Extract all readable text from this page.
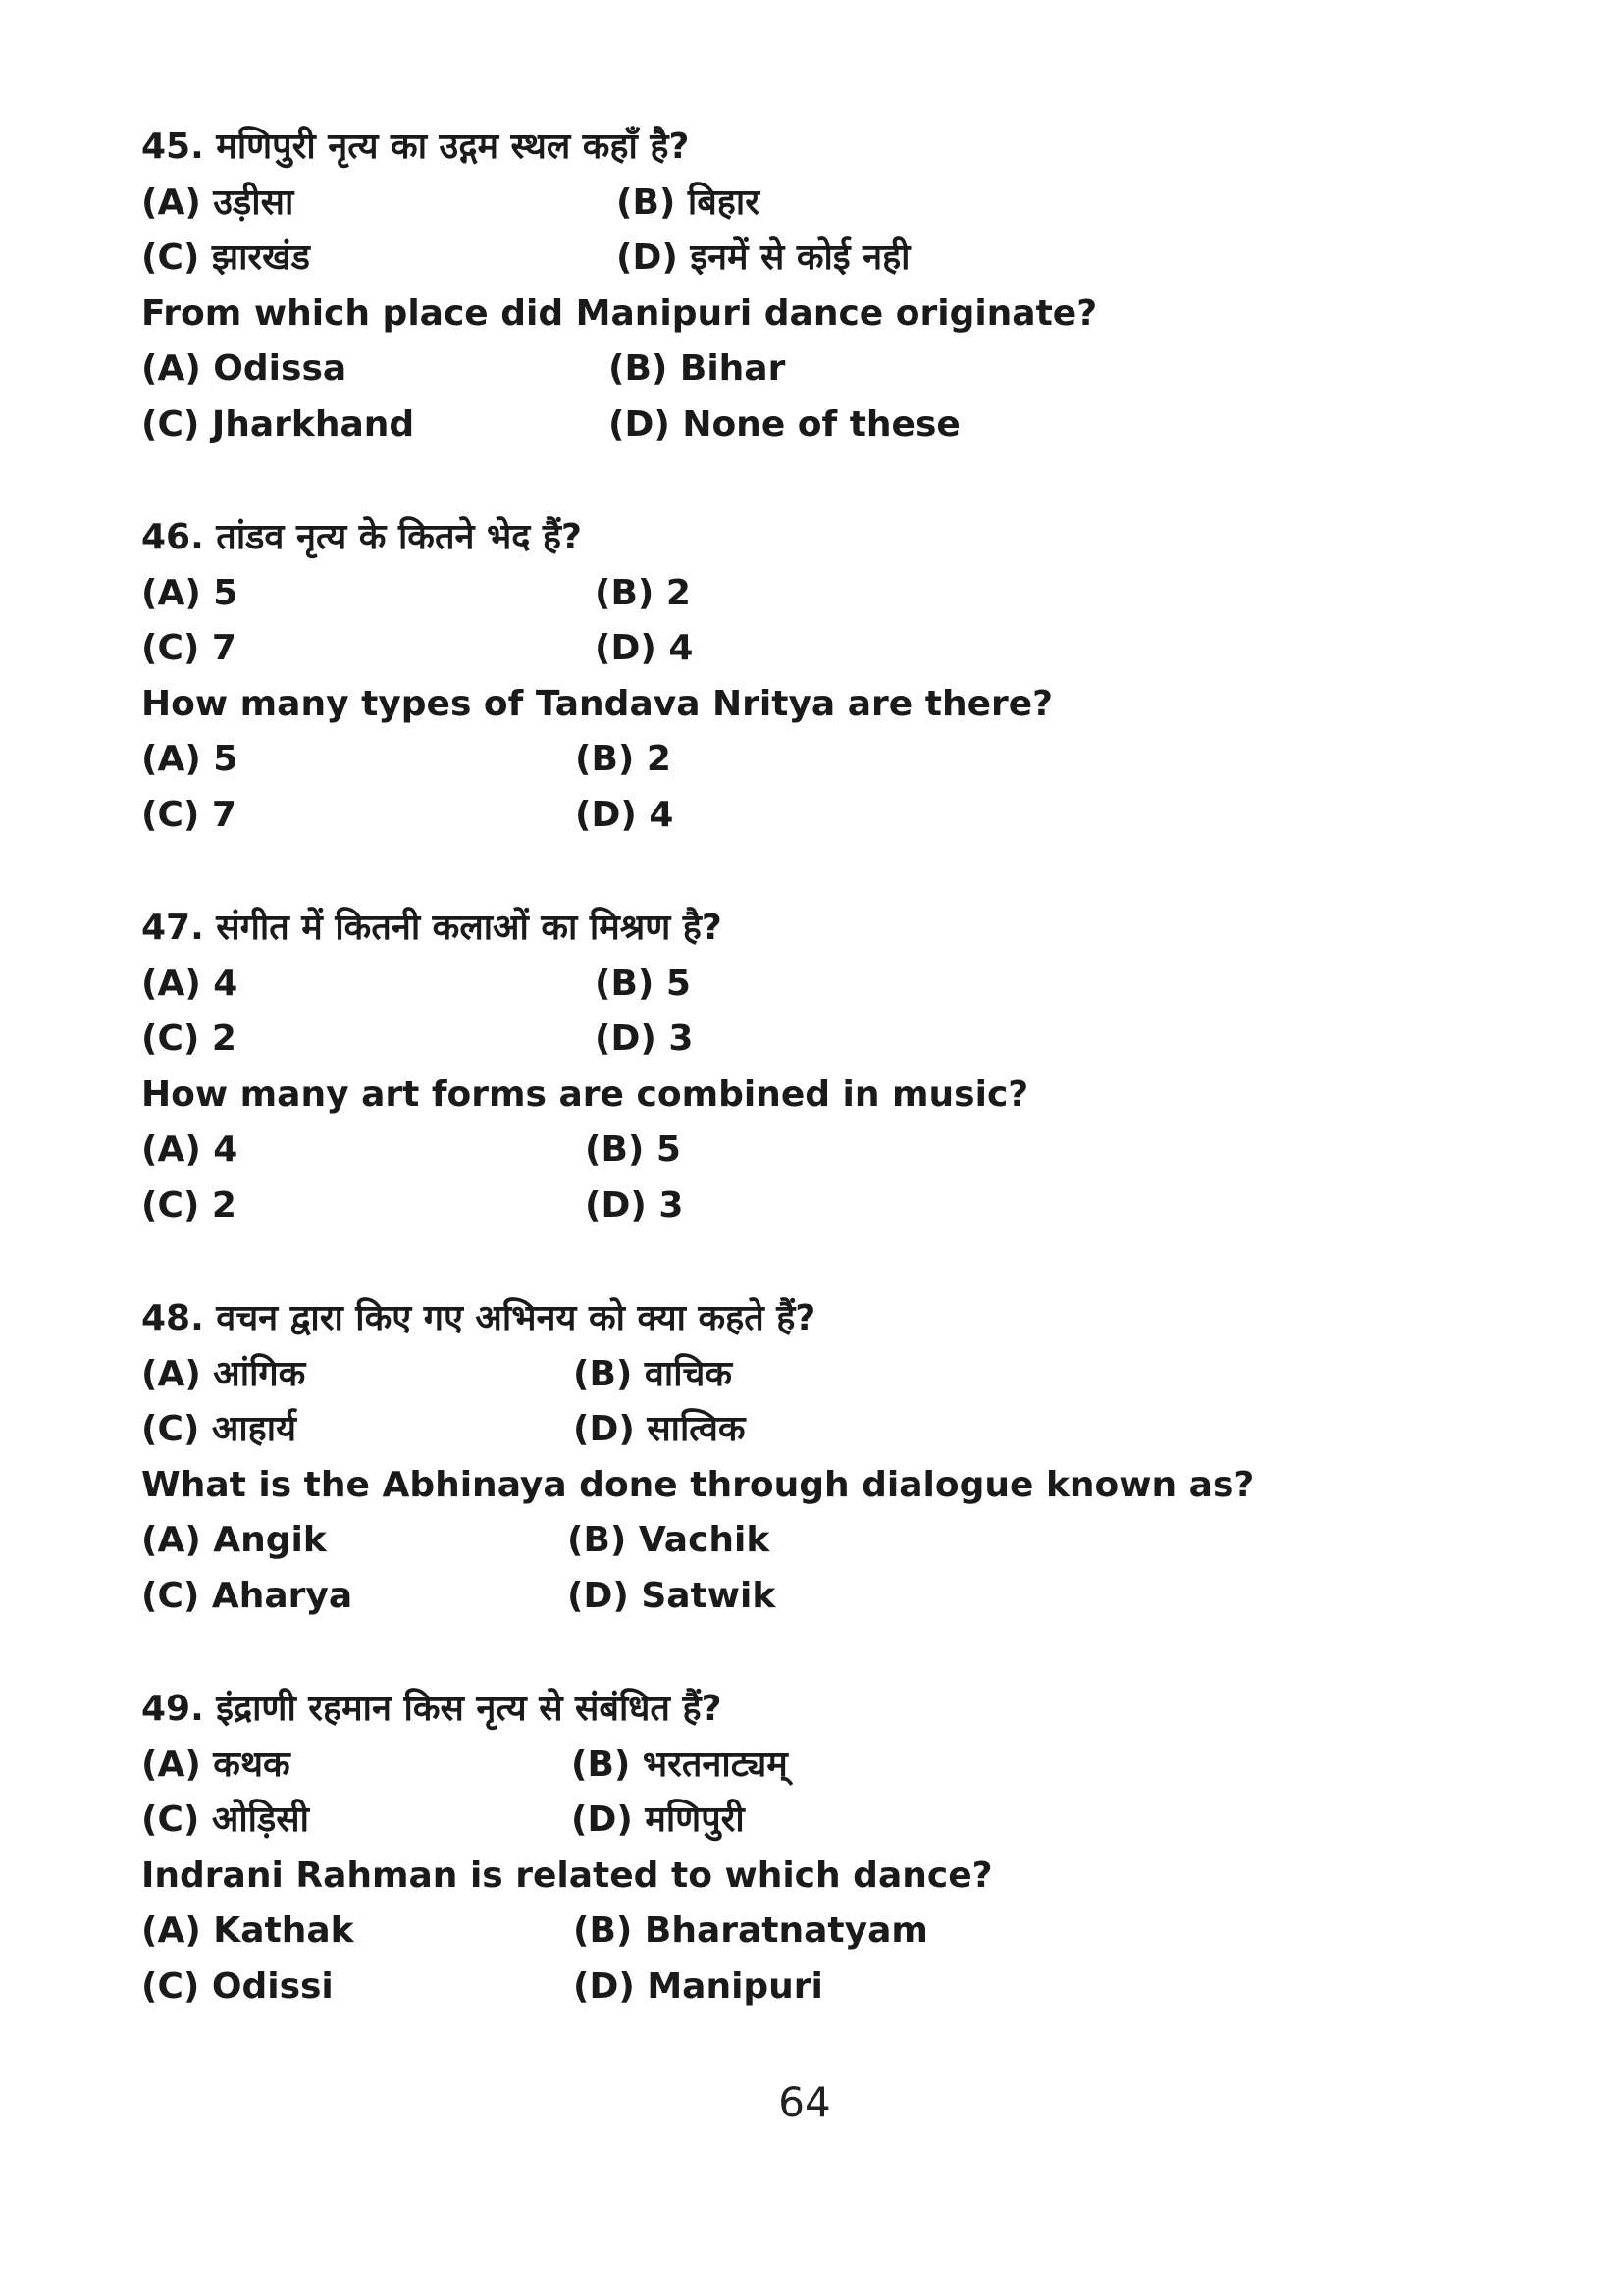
45. मणिपुरी नृत्य का उद्गम स्थल कहाँ है?
(A) उड़ीसा	(B) बिहार
(C) झारखंड	(D) इनमें से कोई नही
From which place did Manipuri dance originate?
(A) Odissa	(B) Bihar
(C) Jharkhand	(D) None of these
46. तांडव नृत्य के कितने भेद हैं?
(A) 5	(B) 2
(C) 7	(D) 4
How many types of Tandava Nritya are there?
(A) 5	(B) 2
(C) 7	(D) 4
47. संगीत में कितनी कलाओं का मिश्रण है?
(A) 4	(B) 5
(C) 2	(D) 3
How many art forms are combined in music?
(A) 4	(B) 5
(C) 2	(D) 3
48. वचन द्वारा किए गए अभिनय को क्या कहते हैं?
(A) आंगिक	(B) वाचिक
(C) आहार्य	(D) सात्विक
What is the Abhinaya done through dialogue known as?
(A) Angik	(B) Vachik
(C) Aharya	(D) Satwik
49. इंद्राणी रहमान किस नृत्य से संबंधित हैं?
(A) कथक	(B) भरतनाट्यम्
(C) ओड़िसी	(D) मणिपुरी
Indrani Rahman is related to which dance?
(A) Kathak	(B) Bharatnatyam
(C) Odissi	(D) Manipuri
64
